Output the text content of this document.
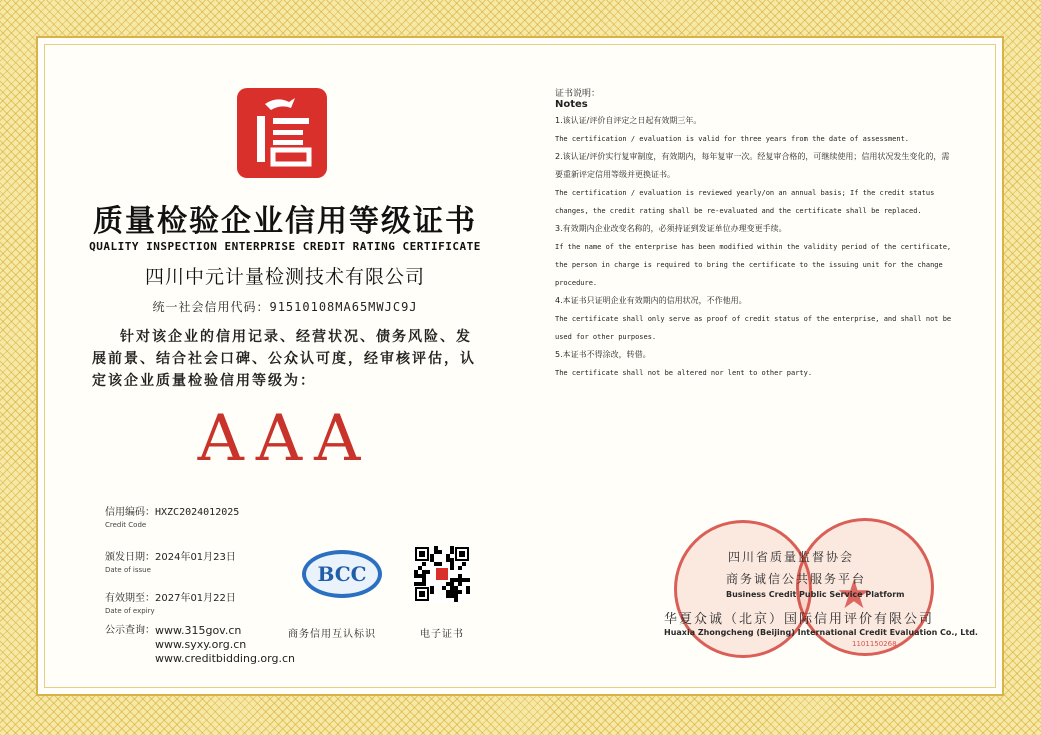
质量检验企业信用等级证书
QUALITY INSPECTION ENTERPRISE CREDIT RATING CERTIFICATE
四川中元计量检测技术有限公司
统一社会信用代码：91510108MA65MWJC9J
针对该企业的信用记录、经营状况、债务风险、发展前景、结合社会口碑、公众认可度，经审核评估，认定该企业质量检验信用等级为：
AAA
信用编码：HXZC2024012025
Credit Code
颁发日期：2024年01月23日
Date of issue
有效期至：2027年01月22日
Date of expiry
公示查询： www.315gov.cn
www.syxy.org.cn
www.creditbidding.org.cn
BCC
商务信用互认标识	电子证书
证书说明：
Notes
1.该认证/评价自评定之日起有效期三年。
The certification / evaluation is valid for three years from the date of assessment.
2.该认证/评价实行复审制度，有效期内，每年复审一次。经复审合格的，可继续使用；信用状况发生变化的，需要重新评定信用等级并更换证书。
The certification / evaluation is reviewed yearly/on an annual basis; If the credit status changes, the credit rating shall be re-evaluated and the certificate shall be replaced.
3.有效期内企业改变名称的，必须持证到发证单位办理变更手续。
If the name of the enterprise has been modified within the validity period of the certificate, the person in charge is required to bring the certificate to the issuing unit for the change procedure.
4.本证书只证明企业有效期内的信用状况，不作他用。
The certificate shall only serve as proof of credit status of the enterprise, and shall not be used for other purposes.
5.本证书不得涂改，转借。
The certificate shall not be altered nor lent to other party.
★
1101150268
四川省质量监督协会
商务诚信公共服务平台
Business Credit Public Service Platform
华夏众诚（北京）国际信用评价有限公司
Huaxia Zhongcheng (Beijing) International Credit Evaluation Co., Ltd.
